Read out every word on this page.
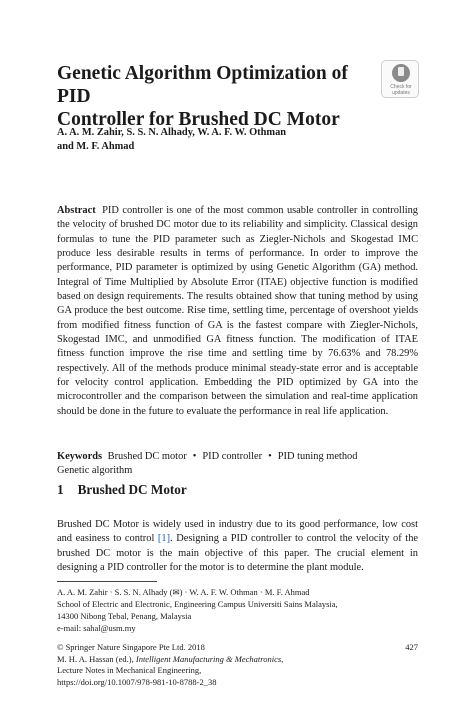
Genetic Algorithm Optimization of PID
Controller for Brushed DC Motor
Check for
updates
A. A. M. Zahir, S. S. N. Alhady, W. A. F. W. Othman
and M. F. Ahmad

Abstract PID controller is one of the most common usable controller in controlling the velocity of brushed DC motor due to its reliability and simplicity. Classical design formulas to tune the PID parameter such as Ziegler-Nichols and Skogestad IMC produce less desirable results in terms of performance. In order to improve the performance, PID parameter is optimized by using Genetic Algorithm (GA) method. Integral of Time Multiplied by Absolute Error (ITAE) objective function is modified based on design requirements. The results obtained show that tuning method by using GA produce the best outcome. Rise time, settling time, percentage of overshoot yields from modified fitness function of GA is the fastest compare with Ziegler-Nichols, Skogestad IMC, and unmodified GA fitness function. The modification of ITAE fitness function improve the rise time and settling time by 76.63% and 78.29% respectively. All of the methods produce minimal steady-state error and is acceptable for velocity control application. Embedding the PID optimized by GA into the microcontroller and the comparison between the simulation and real-time application should be done in the future to evaluate the performance in real life application.

Keywords Brushed DC motor • PID controller • PID tuning method
Genetic algorithm

1 Brushed DC Motor

Brushed DC Motor is widely used in industry due to its good performance, low cost and easiness to control [1]. Designing a PID controller to control the velocity of the brushed DC motor is the main objective of this paper. The crucial element in designing a PID controller for the motor is to determine the plant module.

A. A. M. Zahir · S. S. N. Alhady (✉) · W. A. F. W. Othman · M. F. Ahmad
School of Electric and Electronic, Engineering Campus Universiti Sains Malaysia,
14300 Nibong Tebal, Penang, Malaysia
e-mail: sahal@usm.my
© Springer Nature Singapore Pte Ltd. 2018
M. H. A. Hassan (ed.), Intelligent Manufacturing & Mechatronics,
Lecture Notes in Mechanical Engineering,
https://doi.org/10.1007/978-981-10-8788-2_38
427
